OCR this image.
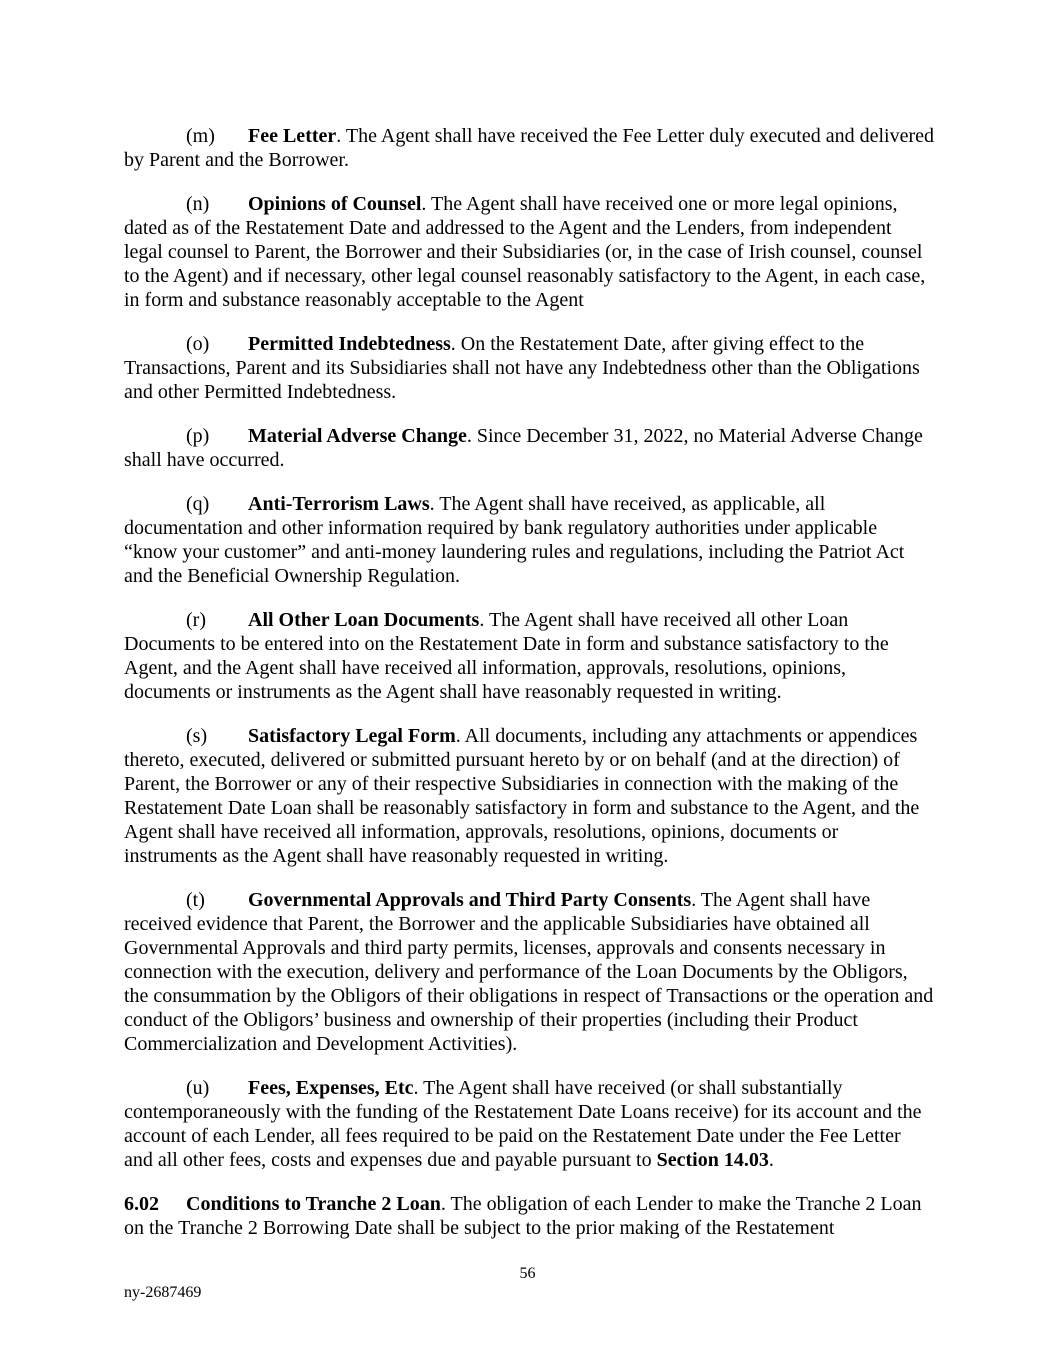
(m) Fee Letter. The Agent shall have received the Fee Letter duly executed and delivered by Parent and the Borrower.

(n) Opinions of Counsel. The Agent shall have received one or more legal opinions, dated as of the Restatement Date and addressed to the Agent and the Lenders, from independent legal counsel to Parent, the Borrower and their Subsidiaries (or, in the case of Irish counsel, counsel to the Agent) and if necessary, other legal counsel reasonably satisfactory to the Agent, in each case, in form and substance reasonably acceptable to the Agent

(o) Permitted Indebtedness. On the Restatement Date, after giving effect to the Transactions, Parent and its Subsidiaries shall not have any Indebtedness other than the Obligations and other Permitted Indebtedness.

(p) Material Adverse Change. Since December 31, 2022, no Material Adverse Change shall have occurred.

(q) Anti-Terrorism Laws. The Agent shall have received, as applicable, all documentation and other information required by bank regulatory authorities under applicable “know your customer” and anti-money laundering rules and regulations, including the Patriot Act and the Beneficial Ownership Regulation.

(r) All Other Loan Documents. The Agent shall have received all other Loan Documents to be entered into on the Restatement Date in form and substance satisfactory to the Agent, and the Agent shall have received all information, approvals, resolutions, opinions, documents or instruments as the Agent shall have reasonably requested in writing.

(s) Satisfactory Legal Form. All documents, including any attachments or appendices thereto, executed, delivered or submitted pursuant hereto by or on behalf (and at the direction) of Parent, the Borrower or any of their respective Subsidiaries in connection with the making of the Restatement Date Loan shall be reasonably satisfactory in form and substance to the Agent, and the Agent shall have received all information, approvals, resolutions, opinions, documents or instruments as the Agent shall have reasonably requested in writing.

(t) Governmental Approvals and Third Party Consents. The Agent shall have received evidence that Parent, the Borrower and the applicable Subsidiaries have obtained all Governmental Approvals and third party permits, licenses, approvals and consents necessary in connection with the execution, delivery and performance of the Loan Documents by the Obligors, the consummation by the Obligors of their obligations in respect of Transactions or the operation and conduct of the Obligors’ business and ownership of their properties (including their Product Commercialization and Development Activities).

(u) Fees, Expenses, Etc. The Agent shall have received (or shall substantially contemporaneously with the funding of the Restatement Date Loans receive) for its account and the account of each Lender, all fees required to be paid on the Restatement Date under the Fee Letter and all other fees, costs and expenses due and payable pursuant to Section 14.03.

6.02 Conditions to Tranche 2 Loan. The obligation of each Lender to make the Tranche 2 Loan on the Tranche 2 Borrowing Date shall be subject to the prior making of the Restatement

56
ny-2687469
